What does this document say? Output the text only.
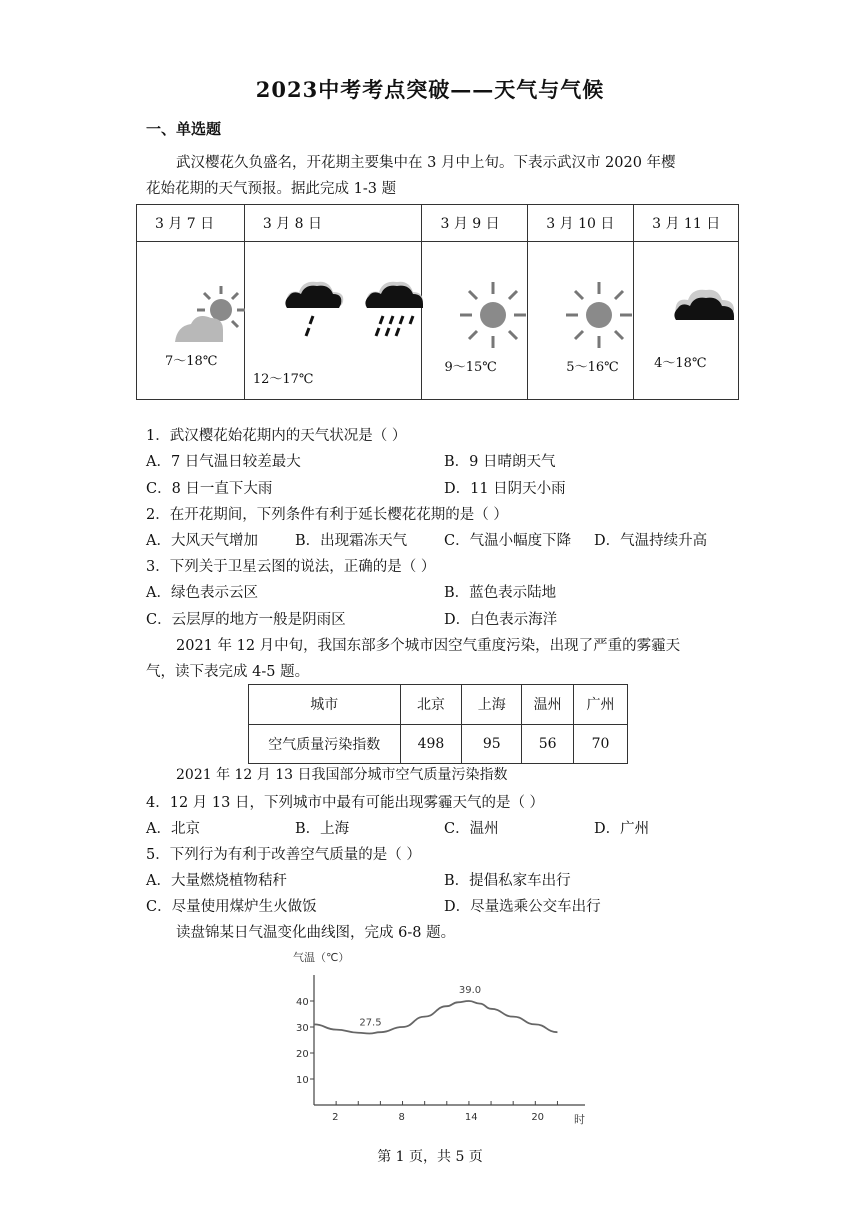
2023中考考点突破——天气与气候
一、单选题
武汉樱花久负盛名，开花期主要集中在 3 月中上旬。下表示武汉市 2020 年樱
花始花期的天气预报。据此完成 1-3 题
3 月 7 日	3 月 8 日	3 月 9 日	3 月 10 日	3 月 11 日

7～18℃	12～17℃	9～15℃	5～16℃	4～18℃
1．武汉樱花始花期内的天气状况是（ ）
A．7 日气温日较差最大	B．9 日晴朗天气
C．8 日一直下大雨	D．11 日阴天小雨
2．在开花期间，下列条件有利于延长樱花花期的是（ ）
A．大风天气增加	B．出现霜冻天气	C．气温小幅度下降 D．气温持续升高
3．下列关于卫星云图的说法，正确的是（ ）
A．绿色表示云区	B．蓝色表示陆地
C．云层厚的地方一般是阴雨区	D．白色表示海洋
2021 年 12 月中旬，我国东部多个城市因空气重度污染，出现了严重的雾霾天
气，读下表完成 4-5 题。
城市	北京	上海	温州	广州
空气质量污染指数	498	95	56	70
2021 年 12 月 13 日我国部分城市空气质量污染指数
4．12 月 13 日，下列城市中最有可能出现雾霾天气的是（ ）
A．北京	B．上海	C．温州	D．广州
5．下列行为有利于改善空气质量的是（ ）
A．大量燃烧植物秸秆	B．提倡私家车出行
C．尽量使用煤炉生火做饭	D．尽量选乘公交车出行
读盘锦某日气温变化曲线图，完成 6-8 题。
气温（℃）
时
40
30
20
10
2	8	14	20
27.5
39.0
第 1 页，共 5 页
